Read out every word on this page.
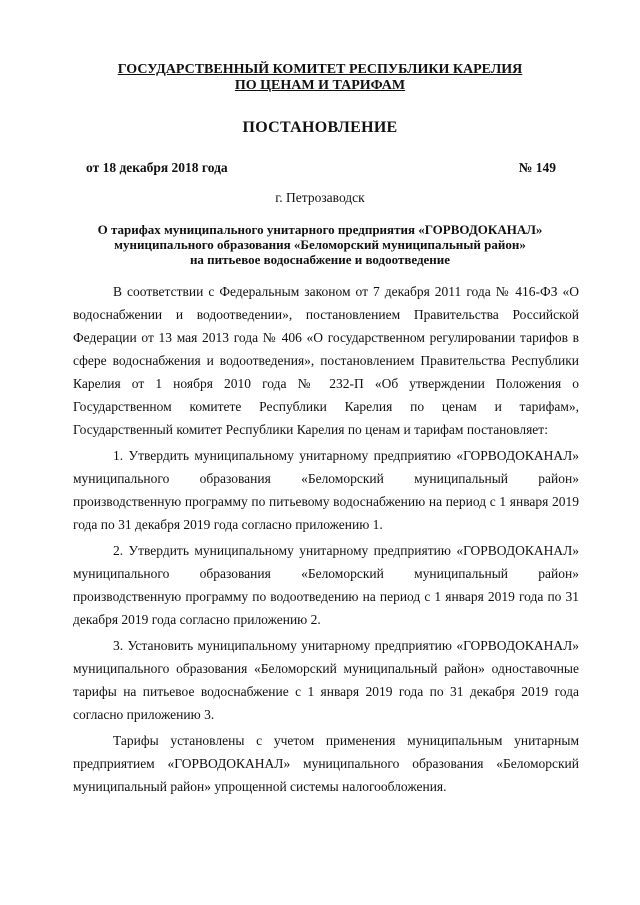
ГОСУДАРСТВЕННЫЙ КОМИТЕТ РЕСПУБЛИКИ КАРЕЛИЯ
ПО ЦЕНАМ И ТАРИФАМ
ПОСТАНОВЛЕНИЕ
от 18 декабря 2018 года	№ 149
г. Петрозаводск
О тарифах муниципального унитарного предприятия «ГОРВОДОКАНАЛ»
муниципального образования «Беломорский муниципальный район»
на питьевое водоснабжение и водоотведение

В соответствии с Федеральным законом от 7 декабря 2011 года № 416-ФЗ «О водоснабжении и водоотведении», постановлением Правительства Российской Федерации от 13 мая 2013 года № 406 «О государственном регулировании тарифов в сфере водоснабжения и водоотведения», постановлением Правительства Республики Карелия от 1 ноября 2010 года № 232-П «Об утверждении Положения о Государственном комитете Республики Карелия по ценам и тарифам», Государственный комитет Республики Карелия по ценам и тарифам постановляет:

1. Утвердить муниципальному унитарному предприятию «ГОРВОДОКАНАЛ» муниципального образования «Беломорский муниципальный район» производственную программу по питьевому водоснабжению на период с 1 января 2019 года по 31 декабря 2019 года согласно приложению 1.

2. Утвердить муниципальному унитарному предприятию «ГОРВОДОКАНАЛ» муниципального образования «Беломорский муниципальный район» производственную программу по водоотведению на период с 1 января 2019 года по 31 декабря 2019 года согласно приложению 2.

3. Установить муниципальному унитарному предприятию «ГОРВОДОКАНАЛ» муниципального образования «Беломорский муниципальный район» одноставочные тарифы на питьевое водоснабжение с 1 января 2019 года по 31 декабря 2019 года согласно приложению 3.

Тарифы установлены с учетом применения муниципальным унитарным предприятием «ГОРВОДОКАНАЛ» муниципального образования «Беломорский муниципальный район» упрощенной системы налогообложения.
